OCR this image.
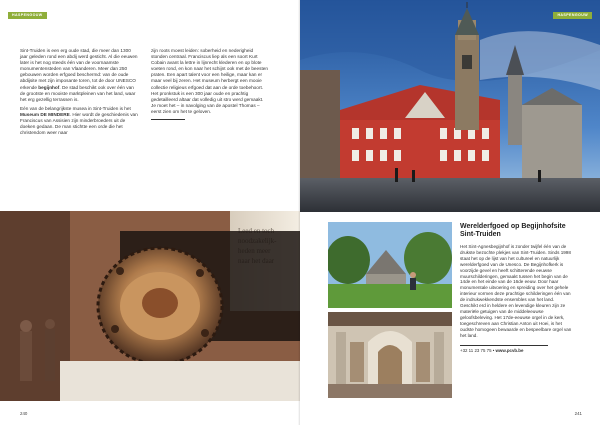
HASPENGOUW

Sint-Truiden is een erg oude stad, die meer dan 1300 jaar geleden rond een abdij werd gesticht. Al die eeuwen later is het nog steeds één van de voornaamste monumentensteden van Vlaanderen. Meer dan 250 gebouwen worden erfgoed beschermd: van de oude abdijsite met zijn imposante toren, tot de door UNESCO erkende begijnhof. De stad beschikt ook over één van de grootste en mooiste marktpleinen van het land, waar het erg gezellig terrassen is.

Eén van de belangrijkste musea in Sint-Truiden is het Museum DE MINDERE. Hier wordt de geschiedenis van Franciscus van Assisien zijn minderbroeders uit de doeken gedaan. De man stichtte een orde die het christendom weer naar

zijn roots moest leiden: soberheid en nederigheid stonden centraal. Franciscus liep als een soort Kurt Cobain avant la lettre in lijnrecht klederen en op blote voeten rond, en kon naar het schijnt ook met de beesten praten. Een apart talent voor een heilige, maar kan er maar veel bij zeren. Het museum herbergt een mooie collectie religieus erfgoed dat aan de orde toebehoort. Het pronkstuk is een 300 jaar oude en prachtig gedetailleerd altaar dat volledig uit stro werd gemaakt. Je moet het – in navolging van de apostel Thomas – eerst zien om het te geloven.

240
HASPENGOUW
Werelderfgoed op Begijnhofsite
Sint-Truiden

Het Sint-Agnesbegijnhof is zonder twijfel één van de drukste bezochte plekjes van Sint-Truiden. Sinds 1998 staat het op de lijst van het cultureel en natuurlijk werelderfgoed van de Unesco. De Begijnhofkerk is voorzijde gevel en heeft schitterende eeuwse muurschilderingen, gemaakt tussen het begin van de 14de en het einde van de 16de eeuw. Door haar monumentale uitvoering en spreiding over het gehele interieur vormen deze prachtige schilderingen één van de indrukwekkendste ensembles van het land. Geschikt erd in heldere en levendige kleuren zijn ze materiële getuigen van de middeleeuwse geloofsbeleving. Het 17de-eeuwse orgel in de kerk, toegeschreven aan Christian Anton uit Hoei, is het oudste homogeen bewaarde en bespeelbare orgel van het land.

+32 11 23 75 75 • www.pcvb.be
241
